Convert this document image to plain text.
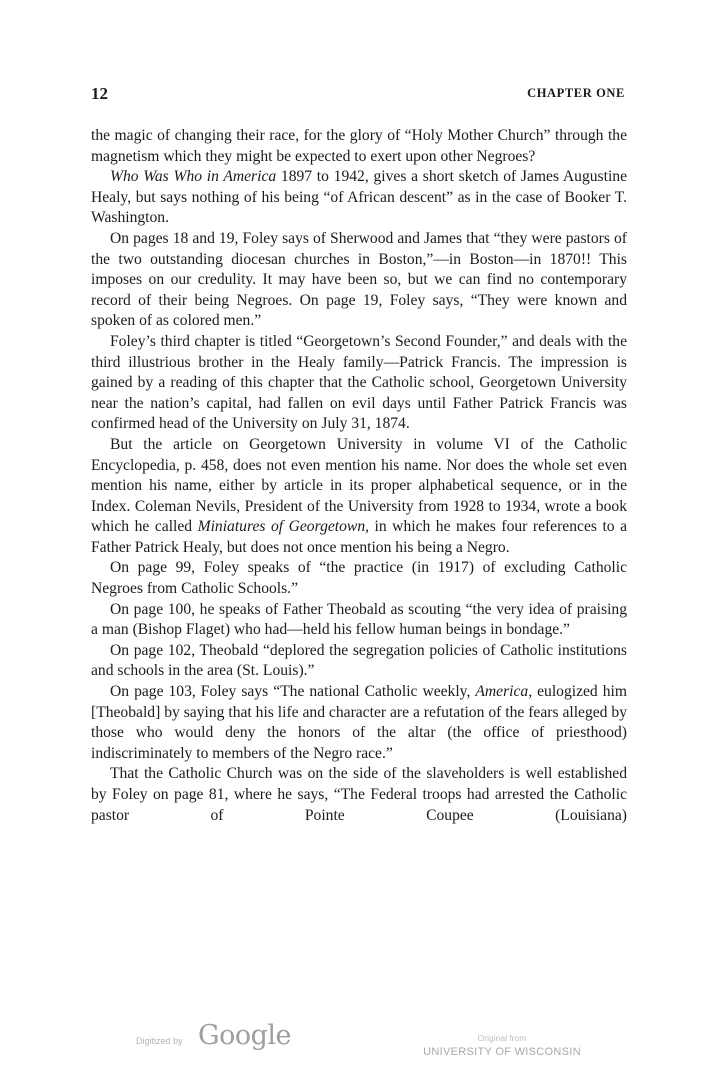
12	CHAPTER ONE

the magic of changing their race, for the glory of “Holy Mother Church” through the magnetism which they might be expected to exert upon other Negroes?

Who Was Who in America 1897 to 1942, gives a short sketch of James Augustine Healy, but says nothing of his being “of African descent” as in the case of Booker T. Washington.

On pages 18 and 19, Foley says of Sherwood and James that “they were pastors of the two outstanding diocesan churches in Boston,”—in Boston—in 1870!! This imposes on our credulity. It may have been so, but we can find no contemporary record of their being Negroes. On page 19, Foley says, “They were known and spoken of as colored men.”

Foley’s third chapter is titled “Georgetown’s Second Founder,” and deals with the third illustrious brother in the Healy family—Patrick Francis. The impression is gained by a reading of this chapter that the Catholic school, Georgetown University near the nation’s capital, had fallen on evil days until Father Patrick Francis was confirmed head of the University on July 31, 1874.

But the article on Georgetown University in volume VI of the Catholic Encyclopedia, p. 458, does not even mention his name. Nor does the whole set even mention his name, either by article in its proper alphabetical sequence, or in the Index. Coleman Nevils, President of the University from 1928 to 1934, wrote a book which he called Miniatures of Georgetown, in which he makes four references to a Father Patrick Healy, but does not once mention his being a Negro.

On page 99, Foley speaks of “the practice (in 1917) of excluding Catholic Negroes from Catholic Schools.”

On page 100, he speaks of Father Theobald as scouting “the very idea of praising a man (Bishop Flaget) who had—held his fellow human beings in bondage.”

On page 102, Theobald “deplored the segregation policies of Catholic institutions and schools in the area (St. Louis).”

On page 103, Foley says “The national Catholic weekly, America, eulogized him [Theobald] by saying that his life and character are a refutation of the fears alleged by those who would deny the honors of the altar (the office of priesthood) indiscriminately to members of the Negro race.”

That the Catholic Church was on the side of the slaveholders is well established by Foley on page 81, where he says, “The Federal troops had arrested the Catholic pastor of Pointe Coupee (Louisiana)

Digitized by Google	Original from
UNIVERSITY OF WISCONSIN
